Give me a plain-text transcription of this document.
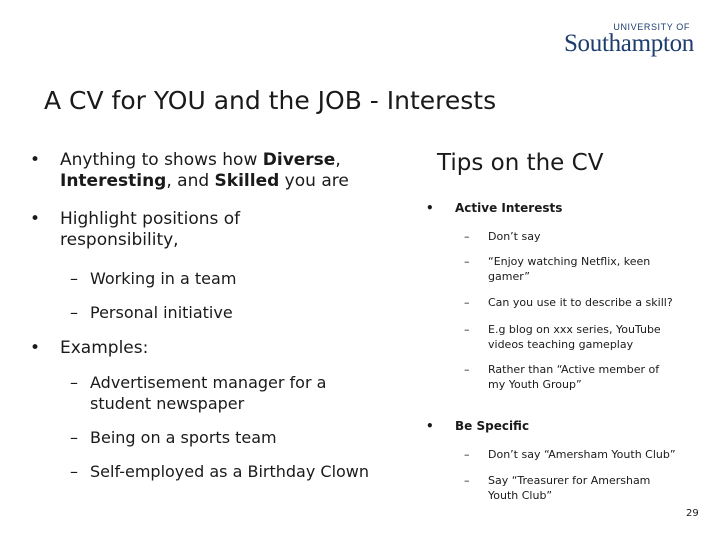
UNIVERSITY OF
Southampton
A CV for YOU and the JOB - Interests
• Anything to shows how Diverse,
Interesting, and Skilled you are
• Highlight positions of
responsibility,
– Working in a team
– Personal initiative
• Examples:
– Advertisement manager for a
student newspaper
– Being on a sports team
– Self-employed as a Birthday Clown
Tips on the CV
• Active Interests
– Don’t say
– “Enjoy watching Netflix, keen gamer”
– Can you use it to describe a skill?
– E.g blog on xxx series, YouTube videos teaching gameplay
– Rather than “Active member of my Youth Group”
• Be Specific
– Don’t say “Amersham Youth Club”
– Say “Treasurer for Amersham Youth Club”
29
